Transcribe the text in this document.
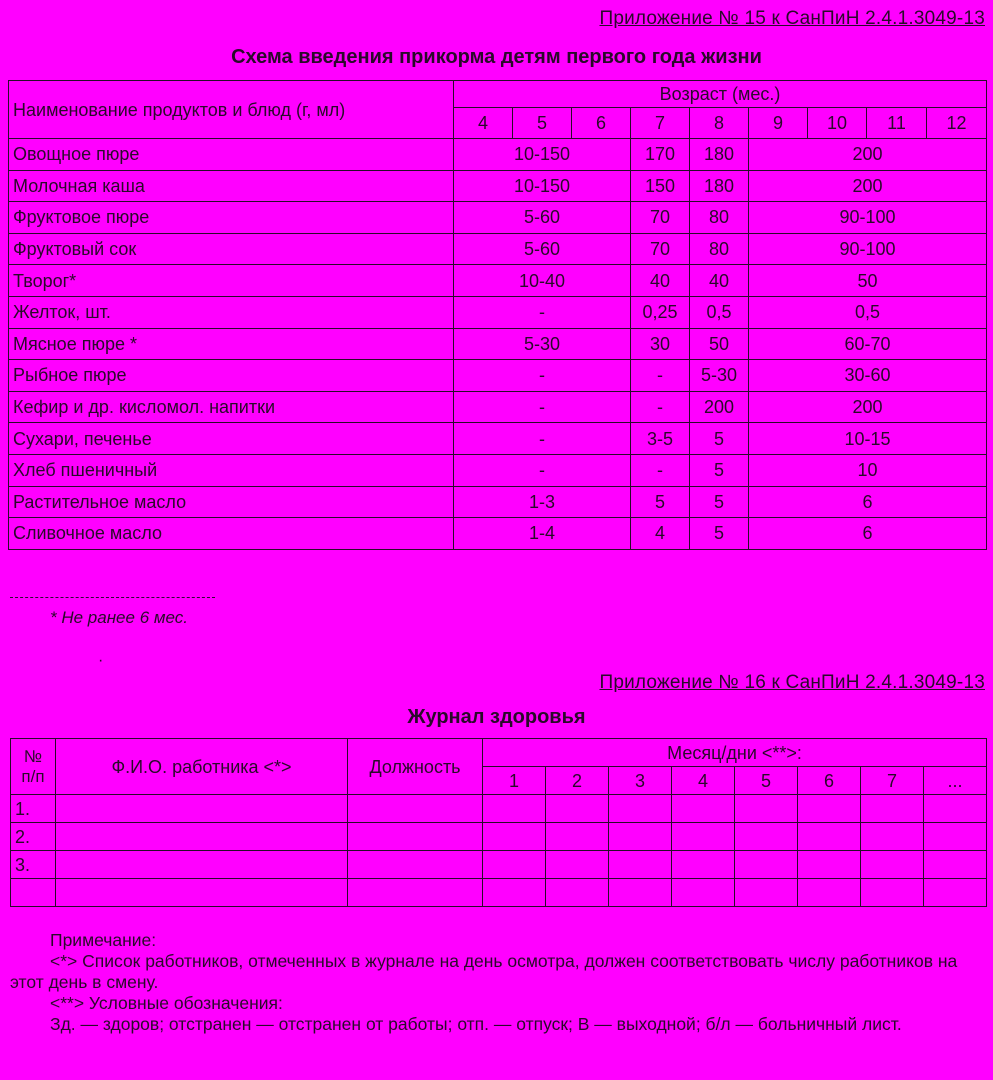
Приложение № 15 к СанПиН 2.4.1.3049-13
Схема введения прикорма детям первого года жизни
Наименование продуктов и блюд (г, мл)	Возраст (мес.)								
	4	5	6	7	8	9	10	11	12
Овощное пюре	10-150			170	180	200			
Молочная каша	10-150			150	180	200			
Фруктовое пюре	5-60			70	80	90-100			
Фруктовый сок	5-60			70	80	90-100			
Творог*	10-40			40	40	50			
Желток, шт.	-			0,25	0,5	0,5			
Мясное пюре *	5-30			30	50	60-70			
Рыбное пюре	-			-	5-30	30-60			
Кефир и др. кисломол. напитки	-			-	200	200			
Сухари, печенье	-			3-5	5	10-15			
Хлеб пшеничный	-			-	5	10			
Растительное масло	1-3			5	5	6			
Сливочное масло	1-4			4	5	6			
* Не ранее 6 мес.
·
Приложение № 16 к СанПиН 2.4.1.3049-13
Журнал здоровья
№ п/п	Ф.И.О. работника <*>	Должность	Месяц/дни <**>:							
			1	2	3	4	5	6	7	...
1.										
2.										
3.										

Примечание:

<*> Список работников, отмеченных в журнале на день осмотра, должен соответствовать числу работников на этот день в смену.

<**> Условные обозначения:

Зд. — здоров; отстранен — отстранен от работы; отп. — отпуск; В — выходной; б/л — больничный лист.
